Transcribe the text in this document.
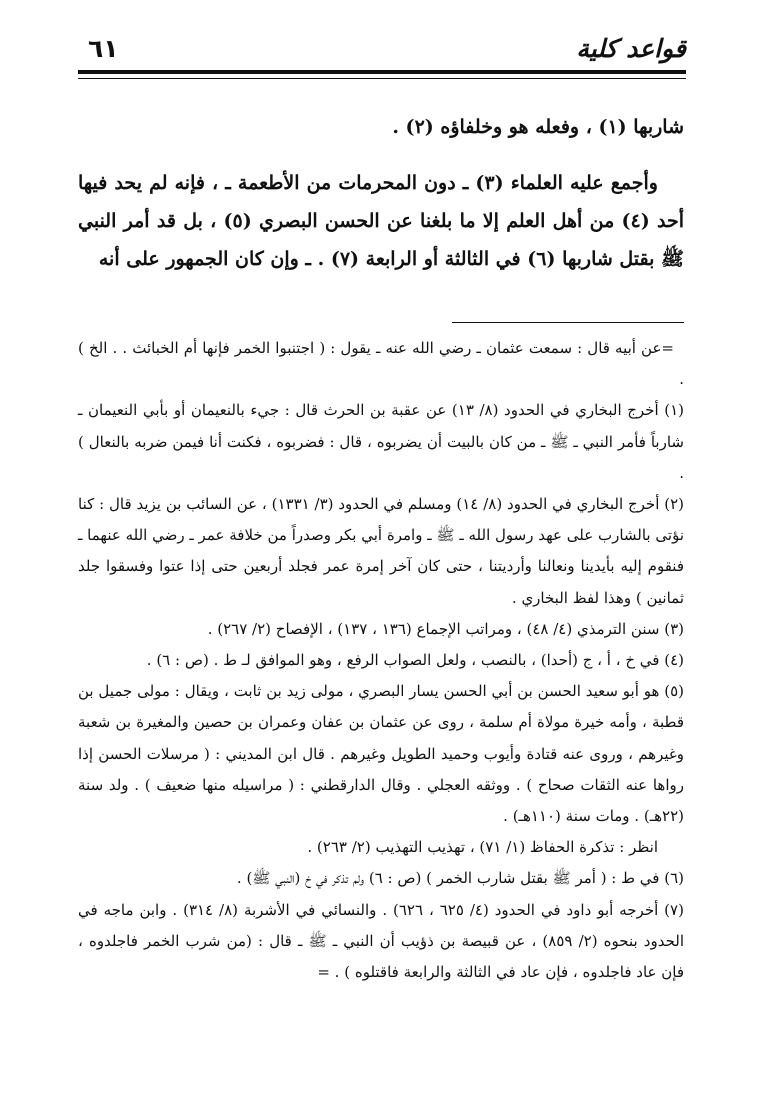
قواعد كلية
٦١

شاربها (١) ، وفعله هو وخلفاؤه (٢) .

وأجمع عليه العلماء (٣) ـ دون المحرمات من الأطعمة ـ ، فإنه لم يحد فيها أحد (٤) من أهل العلم إلا ما بلغنا عن الحسن البصري (٥) ، بل قد أمر النبي ﷺ بقتل شاربها (٦) في الثالثة أو الرابعة (٧) . ـ وإن كان الجمهور على أنه

=عن أبيه قال : سمعت عثمان ـ رضي الله عنه ـ يقول : ( اجتنبوا الخمر فإنها أم الخبائث . . الخ ) .

(١) أخرج البخاري في الحدود (٨/ ١٣) عن عقبة بن الحرث قال : جيء بالنعيمان أو بأبي النعيمان ـ شارباً فأمر النبي ـ ﷺ ـ من كان بالبيت أن يضربوه ، قال : فضربوه ، فكنت أنا فيمن ضربه بالنعال ) .

(٢) أخرج البخاري في الحدود (٨/ ١٤) ومسلم في الحدود (٣/ ١٣٣١) ، عن السائب بن يزيد قال : كنا نؤتى بالشارب على عهد رسول الله ـ ﷺ ـ وامرة أبي بكر وصدراً من خلافة عمر ـ رضي الله عنهما ـ فنقوم إليه بأيدينا ونعالنا وأرديتنا ، حتى كان آخر إمرة عمر فجلد أربعين حتى إذا عتوا وفسقوا جلد ثمانين ) وهذا لفظ البخاري .

(٣) سنن الترمذي (٤/ ٤٨) ، ومراتب الإجماع (١٣٦ ، ١٣٧) ، الإفصاح (٢/ ٢٦٧) .

(٤) في خ ، أ ، ج (أحدا) ، بالنصب ، ولعل الصواب الرفع ، وهو الموافق لـ ط . (ص : ٦) .

(٥) هو أبو سعيد الحسن بن أبي الحسن يسار البصري ، مولى زيد بن ثابت ، ويقال : مولى جميل بن قطبة ، وأمه خيرة مولاة أم سلمة ، روى عن عثمان بن عفان وعمران بن حصين والمغيرة بن شعبة وغيرهم ، وروى عنه قتادة وأيوب وحميد الطويل وغيرهم . قال ابن المديني : ( مرسلات الحسن إذا رواها عنه الثقات صحاح ) . ووثقه العجلي . وقال الدارقطني : ( مراسيله منها ضعيف ) . ولد سنة (٢٢هـ) . ومات سنة (١١٠هـ) .

انظر : تذكرة الحفاظ (١/ ٧١) ، تهذيب التهذيب (٢/ ٢٦٣) .

(٦) في ط : ( أمر ﷺ بقتل شارب الخمر ) (ص : ٦) ولم تذكر في خ (النبي ﷺ) .

(٧) أخرجه أبو داود في الحدود (٤/ ٦٢٥ ، ٦٢٦) . والنسائي في الأشربة (٨/ ٣١٤) . وابن ماجه في الحدود بنحوه (٢/ ٨٥٩) ، عن قبيصة بن ذؤيب أن النبي ـ ﷺ ـ قال : (من شرب الخمر فاجلدوه ، فإن عاد فاجلدوه ، فإن عاد في الثالثة والرابعة فاقتلوه ) . =
